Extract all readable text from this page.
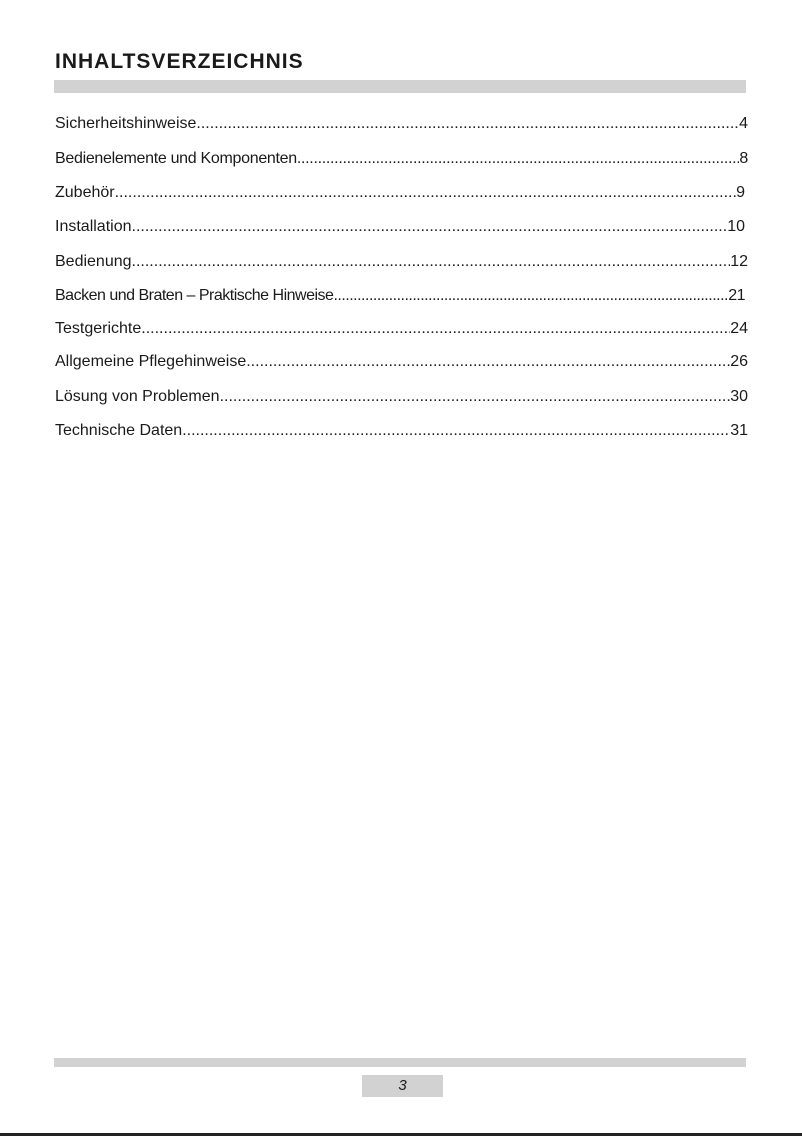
INHALTSVERZEICHNIS
Sicherheitshinweise .....	4
Bedienelemente und Komponenten .....	8
Zubehör .....	9
Installation .....	10
Bedienung .....	12
Backen und Braten – Praktische Hinweise .....	21
Testgerichte .....	24
Allgemeine Pflegehinweise .....	26
Lösung von Problemen .....	30
Technische Daten .....	31
3
